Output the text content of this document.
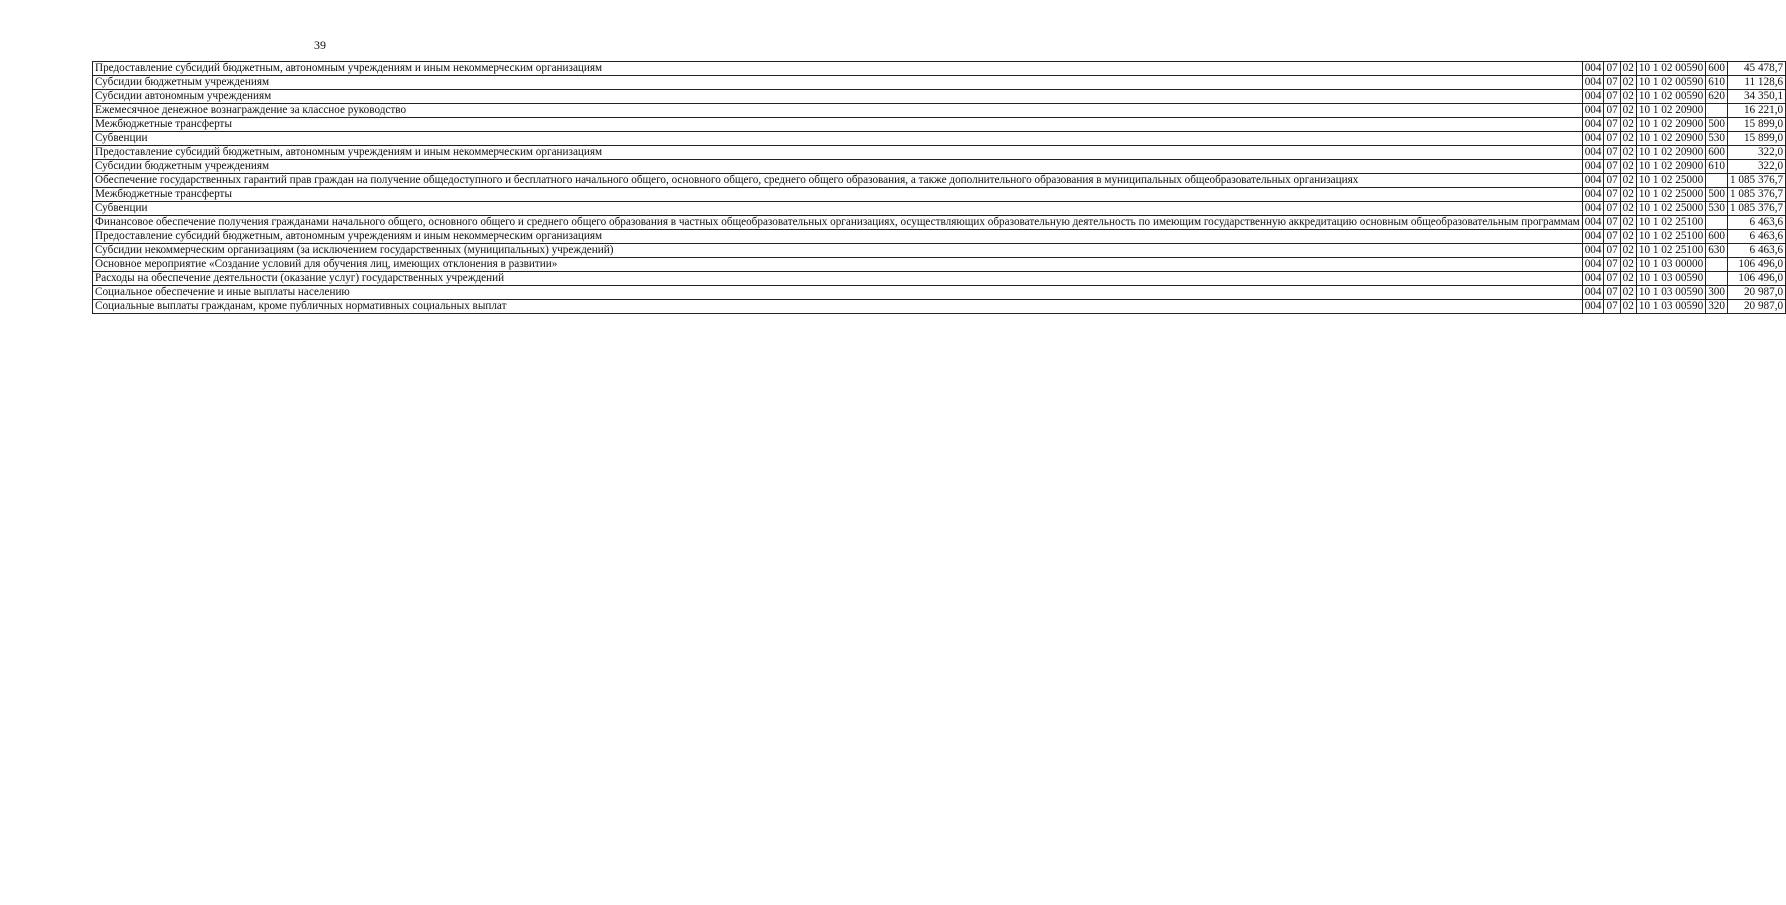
39
Предоставление субсидий бюджетным, автономным учреждениям и иным некоммерческим организациям	004	07	02	10 1 02 00590	600	45 478,7
Субсидии бюджетным учреждениям	004	07	02	10 1 02 00590	610	11 128,6
Субсидии автономным учреждениям	004	07	02	10 1 02 00590	620	34 350,1
Ежемесячное денежное вознаграждение за классное руководство	004	07	02	10 1 02 20900		16 221,0
Межбюджетные трансферты	004	07	02	10 1 02 20900	500	15 899,0
Субвенции	004	07	02	10 1 02 20900	530	15 899,0
Предоставление субсидий бюджетным, автономным учреждениям и иным некоммерческим организациям	004	07	02	10 1 02 20900	600	322,0
Субсидии бюджетным учреждениям	004	07	02	10 1 02 20900	610	322,0
Обеспечение государственных гарантий прав граждан на получение общедоступного и бесплатного начального общего, основного общего, среднего общего образования, а также дополнительного образования в муниципальных общеобразовательных организациях	004	07	02	10 1 02 25000		1 085 376,7
Межбюджетные трансферты	004	07	02	10 1 02 25000	500	1 085 376,7
Субвенции	004	07	02	10 1 02 25000	530	1 085 376,7
Финансовое обеспечение получения гражданами начального общего, основного общего и среднего общего образования в частных общеобразовательных организациях, осуществляющих образовательную деятельность по имеющим государственную аккредитацию основным общеобразовательным программам	004	07	02	10 1 02 25100		6 463,6
Предоставление субсидий бюджетным, автономным учреждениям и иным некоммерческим организациям	004	07	02	10 1 02 25100	600	6 463,6
Субсидии некоммерческим организациям (за исключением государственных (муниципальных) учреждений)	004	07	02	10 1 02 25100	630	6 463,6
Основное мероприятие «Создание условий для обучения лиц, имеющих отклонения в развитии»	004	07	02	10 1 03 00000		106 496,0
Расходы на обеспечение деятельности (оказание услуг) государственных учреждений	004	07	02	10 1 03 00590		106 496,0
Социальное обеспечение и иные выплаты населению	004	07	02	10 1 03 00590	300	20 987,0
Социальные выплаты гражданам, кроме публичных нормативных социальных выплат	004	07	02	10 1 03 00590	320	20 987,0
